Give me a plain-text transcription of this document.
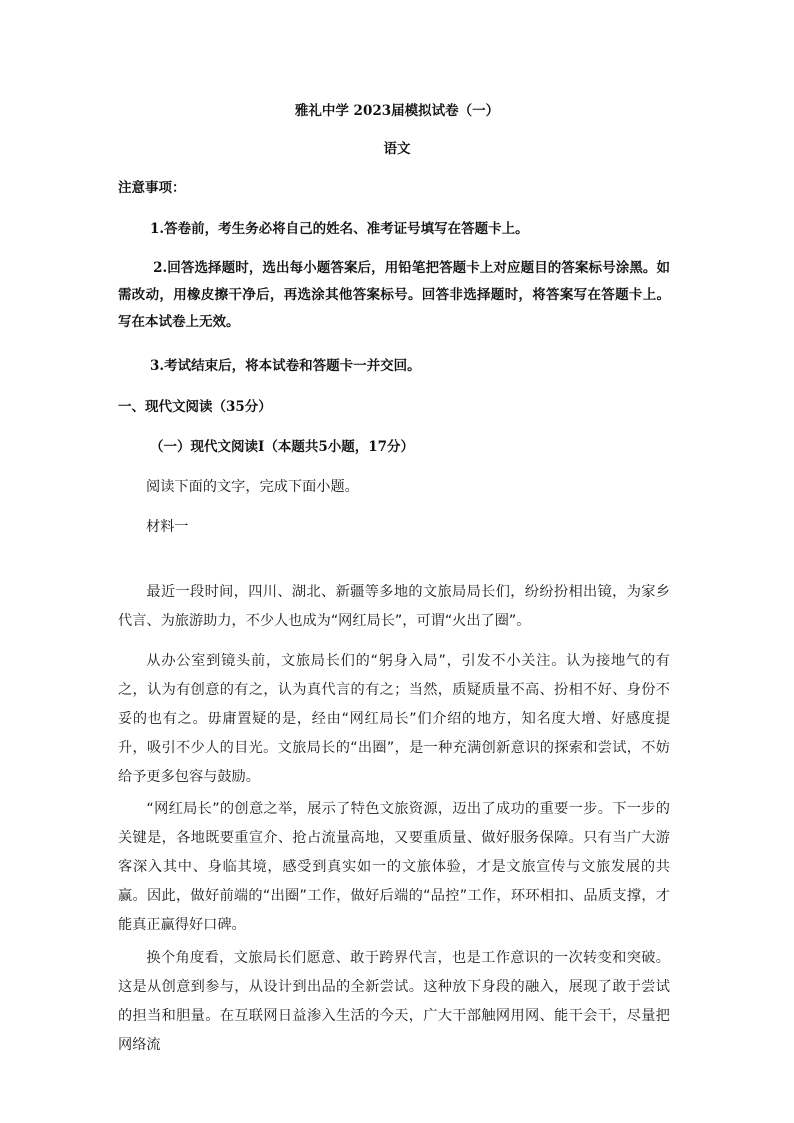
雅礼中学 2023届模拟试卷（一）
语文
注意事项：
1.答卷前，考生务必将自己的姓名、准考证号填写在答题卡上。
2.回答选择题时，选出每小题答案后，用铅笔把答题卡上对应题目的答案标号涂黑。如需改动，用橡皮擦干净后，再选涂其他答案标号。回答非选择题时，将答案写在答题卡上。写在本试卷上无效。
3.考试结束后，将本试卷和答题卡一并交回。
一、现代文阅读（35分）
（一）现代文阅读Ⅰ（本题共5小题，17分）
阅读下面的文字，完成下面小题。
材料一
最近一段时间，四川、湖北、新疆等多地的文旅局局长们，纷纷扮相出镜，为家乡代言、为旅游助力，不少人也成为“网红局长”，可谓“火出了圈”。
从办公室到镜头前，文旅局长们的“躬身入局”，引发不小关注。认为接地气的有之，认为有创意的有之，认为真代言的有之；当然，质疑质量不高、扮相不好、身份不妥的也有之。毋庸置疑的是，经由“网红局长”们介绍的地方，知名度大增、好感度提升，吸引不少人的目光。文旅局长的“出圈”，是一种充满创新意识的探索和尝试，不妨给予更多包容与鼓励。
“网红局长”的创意之举，展示了特色文旅资源，迈出了成功的重要一步。下一步的关键是，各地既要重宣介、抢占流量高地，又要重质量、做好服务保障。只有当广大游客深入其中、身临其境，感受到真实如一的文旅体验，才是文旅宣传与文旅发展的共赢。因此，做好前端的“出圈”工作，做好后端的“品控”工作，环环相扣、品质支撑，才能真正赢得好口碑。
换个角度看，文旅局长们愿意、敢于跨界代言，也是工作意识的一次转变和突破。这是从创意到参与，从设计到出品的全新尝试。这种放下身段的融入，展现了敢于尝试的担当和胆量。在互联网日益渗入生活的今天，广大干部触网用网、能干会干，尽量把网络流
